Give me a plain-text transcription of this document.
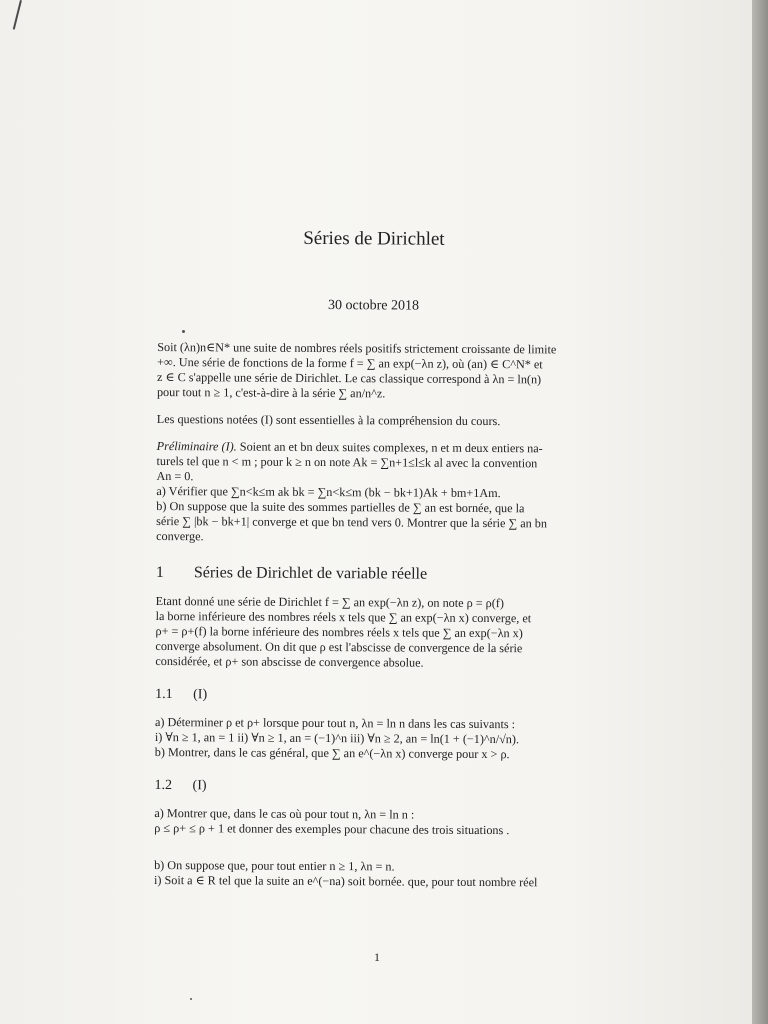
Séries de Dirichlet
30 octobre 2018
Soit (λn)n∈N* une suite de nombres réels positifs strictement croissante de limite
+∞. Une série de fonctions de la forme f = ∑ an exp(−λn z), où (an) ∈ C^N* et
z ∈ C s'appelle une série de Dirichlet. Le cas classique correspond à λn = ln(n)
pour tout n ≥ 1, c'est-à-dire à la série ∑ an/n^z.
Les questions notées (I) sont essentielles à la compréhension du cours.
Préliminaire (I). Soient an et bn deux suites complexes, n et m deux entiers na-
turels tel que n < m ; pour k ≥ n on note Ak = ∑n+1≤l≤k al avec la convention
An = 0.
a) Vérifier que ∑n<k≤m ak bk = ∑n<k≤m (bk − bk+1)Ak + bm+1Am.
b) On suppose que la suite des sommes partielles de ∑ an est bornée, que la
série ∑ |bk − bk+1| converge et que bn tend vers 0. Montrer que la série ∑ an bn
converge.
1 Séries de Dirichlet de variable réelle
Etant donné une série de Dirichlet f = ∑ an exp(−λn z), on note ρ = ρ(f)
la borne inférieure des nombres réels x tels que ∑ an exp(−λn x) converge, et
ρ+ = ρ+(f) la borne inférieure des nombres réels x tels que ∑ an exp(−λn x)
converge absolument. On dit que ρ est l'abscisse de convergence de la série
considérée, et ρ+ son abscisse de convergence absolue.
1.1 (I)
a) Déterminer ρ et ρ+ lorsque pour tout n, λn = ln n dans les cas suivants :
i) ∀n ≥ 1, an = 1 ii) ∀n ≥ 1, an = (−1)^n iii) ∀n ≥ 2, an = ln(1 + (−1)^n/√n).
b) Montrer, dans le cas général, que ∑ an e^(−λn x) converge pour x > ρ.
1.2 (I)
a) Montrer que, dans le cas où pour tout n, λn = ln n :
ρ ≤ ρ+ ≤ ρ + 1 et donner des exemples pour chacune des trois situations .
b) On suppose que, pour tout entier n ≥ 1, λn = n.
i) Soit a ∈ R tel que la suite an e^(−na) soit bornée. que, pour tout nombre réel
1
